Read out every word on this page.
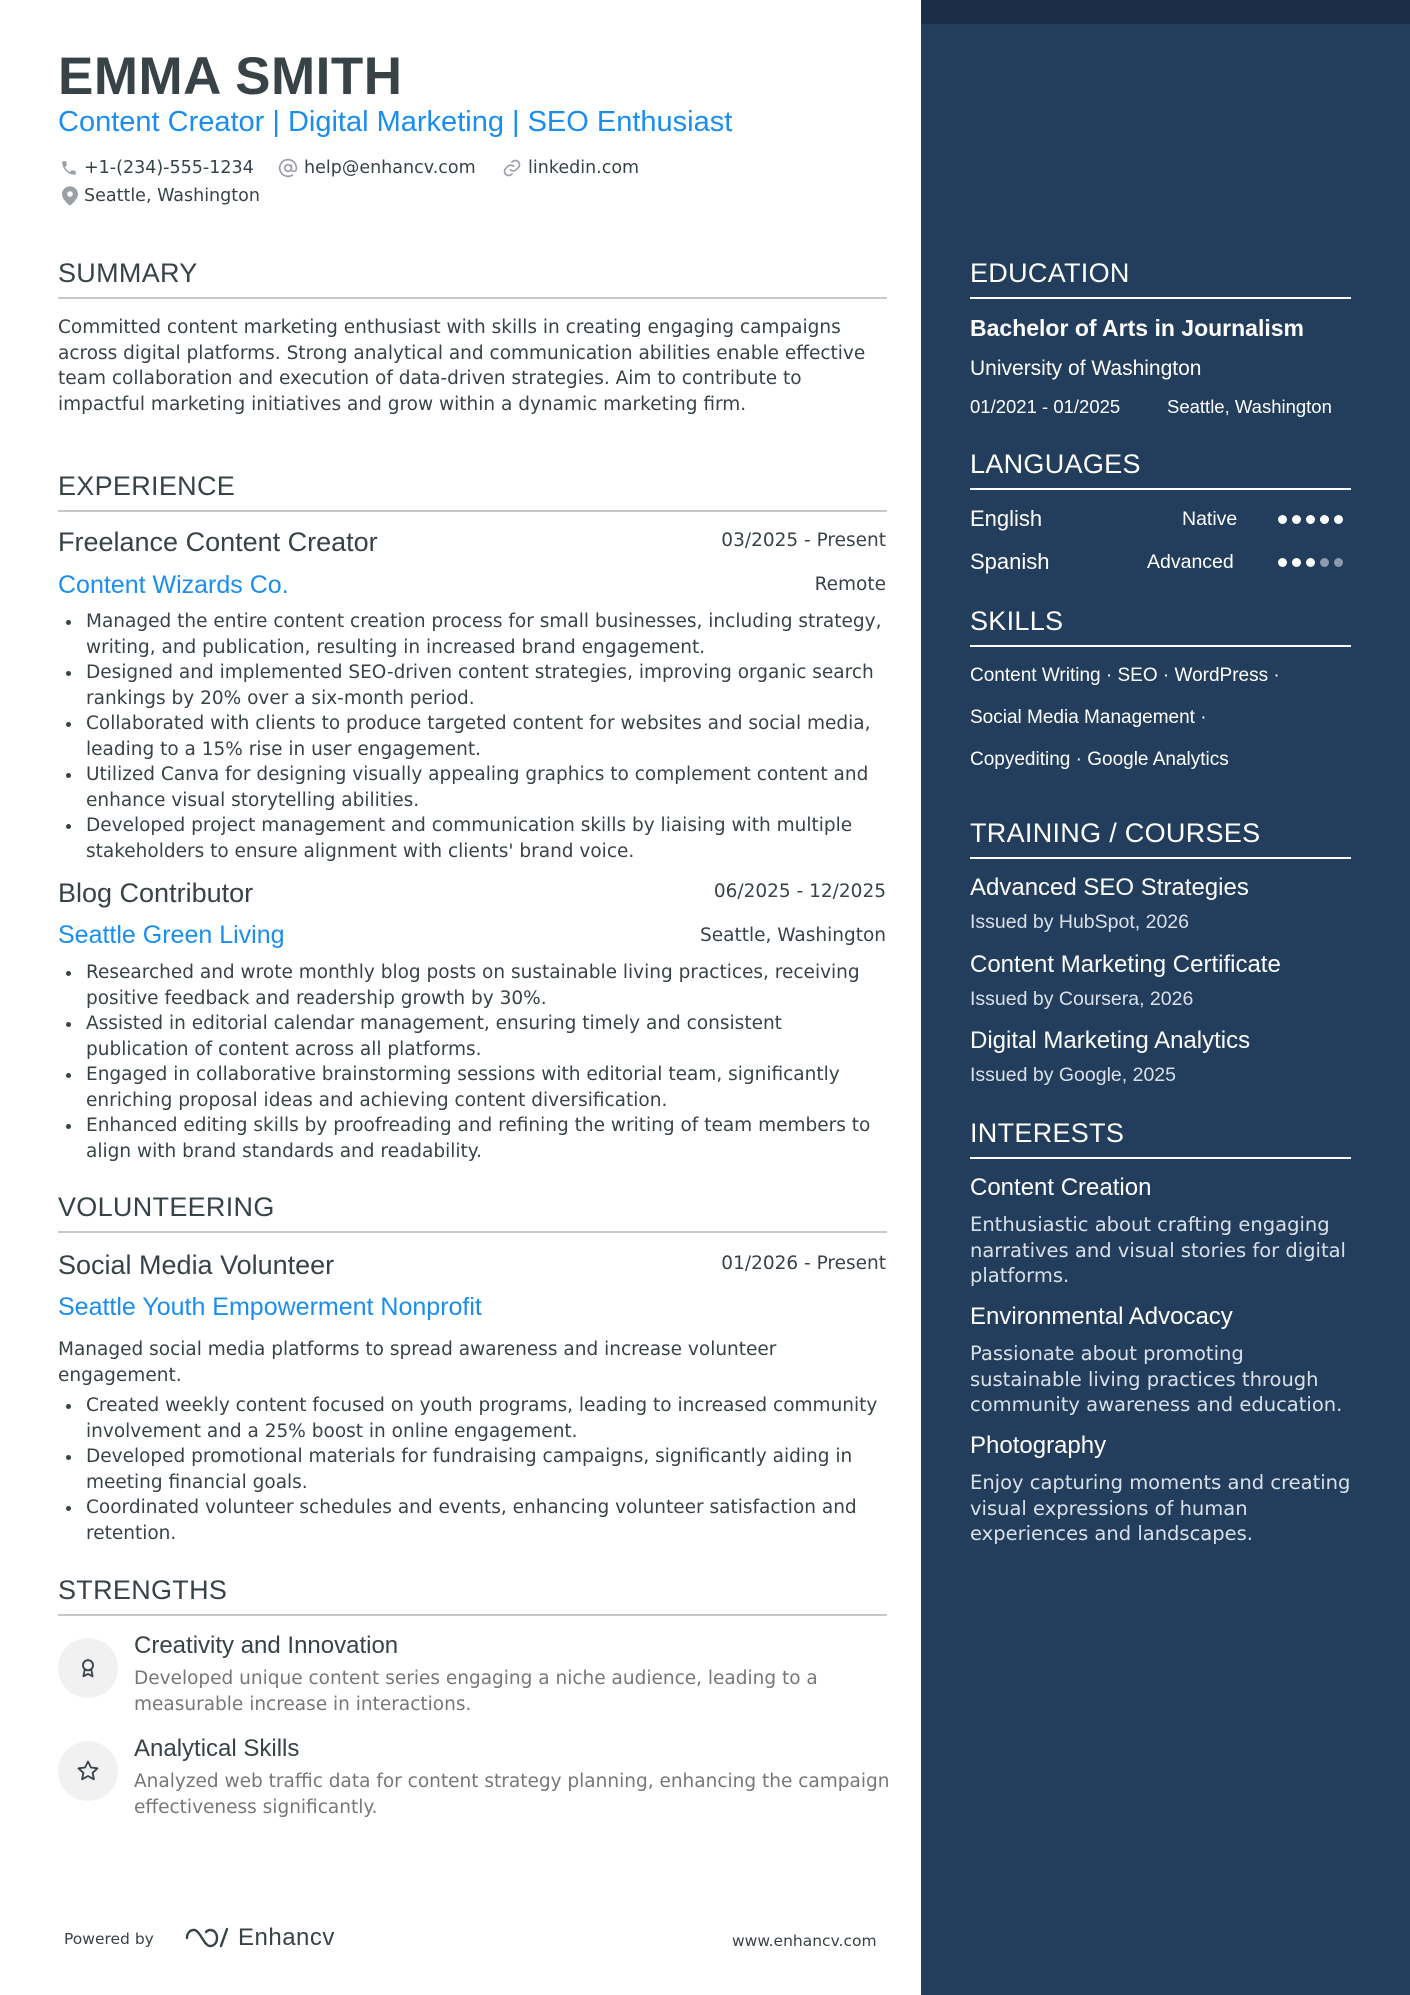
EMMA SMITH
Content Creator | Digital Marketing | SEO Enthusiast
+1-(234)-555-1234	help@enhancv.com	linkedin.com
Seattle, Washington
SUMMARY
Committed content marketing enthusiast with skills in creating engaging campaigns across digital platforms. Strong analytical and communication abilities enable effective team collaboration and execution of data-driven strategies. Aim to contribute to impactful marketing initiatives and grow within a dynamic marketing firm.
EXPERIENCE
Freelance Content Creator	03/2025 - Present
Content Wizards Co.	Remote
Managed the entire content creation process for small businesses, including strategy, writing, and publication, resulting in increased brand engagement.
Designed and implemented SEO-driven content strategies, improving organic search rankings by 20% over a six-month period.
Collaborated with clients to produce targeted content for websites and social media, leading to a 15% rise in user engagement.
Utilized Canva for designing visually appealing graphics to complement content and enhance visual storytelling abilities.
Developed project management and communication skills by liaising with multiple stakeholders to ensure alignment with clients' brand voice.
Blog Contributor	06/2025 - 12/2025
Seattle Green Living	Seattle, Washington
Researched and wrote monthly blog posts on sustainable living practices, receiving positive feedback and readership growth by 30%.
Assisted in editorial calendar management, ensuring timely and consistent publication of content across all platforms.
Engaged in collaborative brainstorming sessions with editorial team, significantly enriching proposal ideas and achieving content diversification.
Enhanced editing skills by proofreading and refining the writing of team members to align with brand standards and readability.
VOLUNTEERING
Social Media Volunteer	01/2026 - Present
Seattle Youth Empowerment Nonprofit
Managed social media platforms to spread awareness and increase volunteer engagement.
Created weekly content focused on youth programs, leading to increased community involvement and a 25% boost in online engagement.
Developed promotional materials for fundraising campaigns, significantly aiding in meeting financial goals.
Coordinated volunteer schedules and events, enhancing volunteer satisfaction and retention.
STRENGTHS
Creativity and Innovation
Developed unique content series engaging a niche audience, leading to a measurable increase in interactions.
Analytical Skills
Analyzed web traffic data for content strategy planning, enhancing the campaign effectiveness significantly.
Powered by	Enhancv	www.enhancv.com
EDUCATION
Bachelor of Arts in Journalism
University of Washington
01/2021 - 01/2025	Seattle, Washington
LANGUAGES
English	Native
Spanish	Advanced
SKILLS
Content Writing · SEO · WordPress ·
Social Media Management ·
Copyediting · Google Analytics
TRAINING / COURSES
Advanced SEO Strategies
Issued by HubSpot, 2026
Content Marketing Certificate
Issued by Coursera, 2026
Digital Marketing Analytics
Issued by Google, 2025
INTERESTS
Content Creation
Enthusiastic about crafting engaging narratives and visual stories for digital platforms.
Environmental Advocacy
Passionate about promoting sustainable living practices through community awareness and education.
Photography
Enjoy capturing moments and creating visual expressions of human experiences and landscapes.
